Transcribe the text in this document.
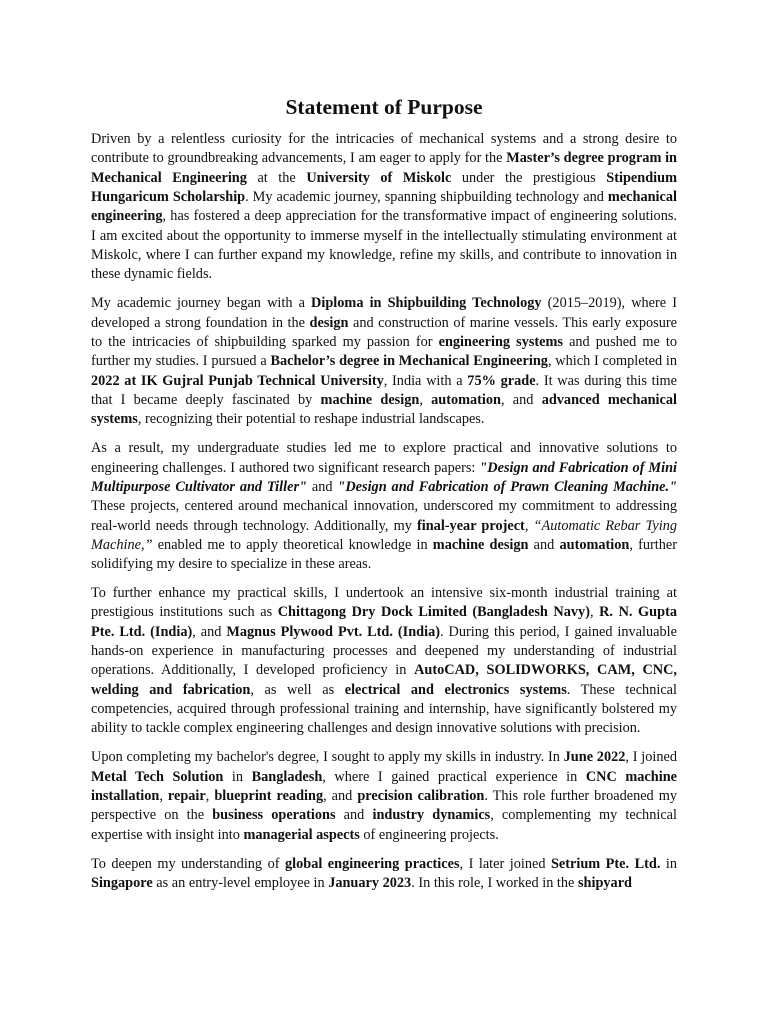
Statement of Purpose

Driven by a relentless curiosity for the intricacies of mechanical systems and a strong desire to contribute to groundbreaking advancements, I am eager to apply for the Master’s degree program in Mechanical Engineering at the University of Miskolc under the prestigious Stipendium Hungaricum Scholarship. My academic journey, spanning shipbuilding technology and mechanical engineering, has fostered a deep appreciation for the transformative impact of engineering solutions. I am excited about the opportunity to immerse myself in the intellectually stimulating environment at Miskolc, where I can further expand my knowledge, refine my skills, and contribute to innovation in these dynamic fields.

My academic journey began with a Diploma in Shipbuilding Technology (2015–2019), where I developed a strong foundation in the design and construction of marine vessels. This early exposure to the intricacies of shipbuilding sparked my passion for engineering systems and pushed me to further my studies. I pursued a Bachelor’s degree in Mechanical Engineering, which I completed in 2022 at IK Gujral Punjab Technical University, India with a 75% grade. It was during this time that I became deeply fascinated by machine design, automation, and advanced mechanical systems, recognizing their potential to reshape industrial landscapes.

As a result, my undergraduate studies led me to explore practical and innovative solutions to engineering challenges. I authored two significant research papers: "Design and Fabrication of Mini Multipurpose Cultivator and Tiller" and "Design and Fabrication of Prawn Cleaning Machine." These projects, centered around mechanical innovation, underscored my commitment to addressing real-world needs through technology. Additionally, my final-year project, “Automatic Rebar Tying Machine,” enabled me to apply theoretical knowledge in machine design and automation, further solidifying my desire to specialize in these areas.

To further enhance my practical skills, I undertook an intensive six-month industrial training at prestigious institutions such as Chittagong Dry Dock Limited (Bangladesh Navy), R. N. Gupta Pte. Ltd. (India), and Magnus Plywood Pvt. Ltd. (India). During this period, I gained invaluable hands-on experience in manufacturing processes and deepened my understanding of industrial operations. Additionally, I developed proficiency in AutoCAD, SOLIDWORKS, CAM, CNC, welding and fabrication, as well as electrical and electronics systems. These technical competencies, acquired through professional training and internship, have significantly bolstered my ability to tackle complex engineering challenges and design innovative solutions with precision.

Upon completing my bachelor's degree, I sought to apply my skills in industry. In June 2022, I joined Metal Tech Solution in Bangladesh, where I gained practical experience in CNC machine installation, repair, blueprint reading, and precision calibration. This role further broadened my perspective on the business operations and industry dynamics, complementing my technical expertise with insight into managerial aspects of engineering projects.

To deepen my understanding of global engineering practices, I later joined Setrium Pte. Ltd. in Singapore as an entry-level employee in January 2023. In this role, I worked in the shipyard
